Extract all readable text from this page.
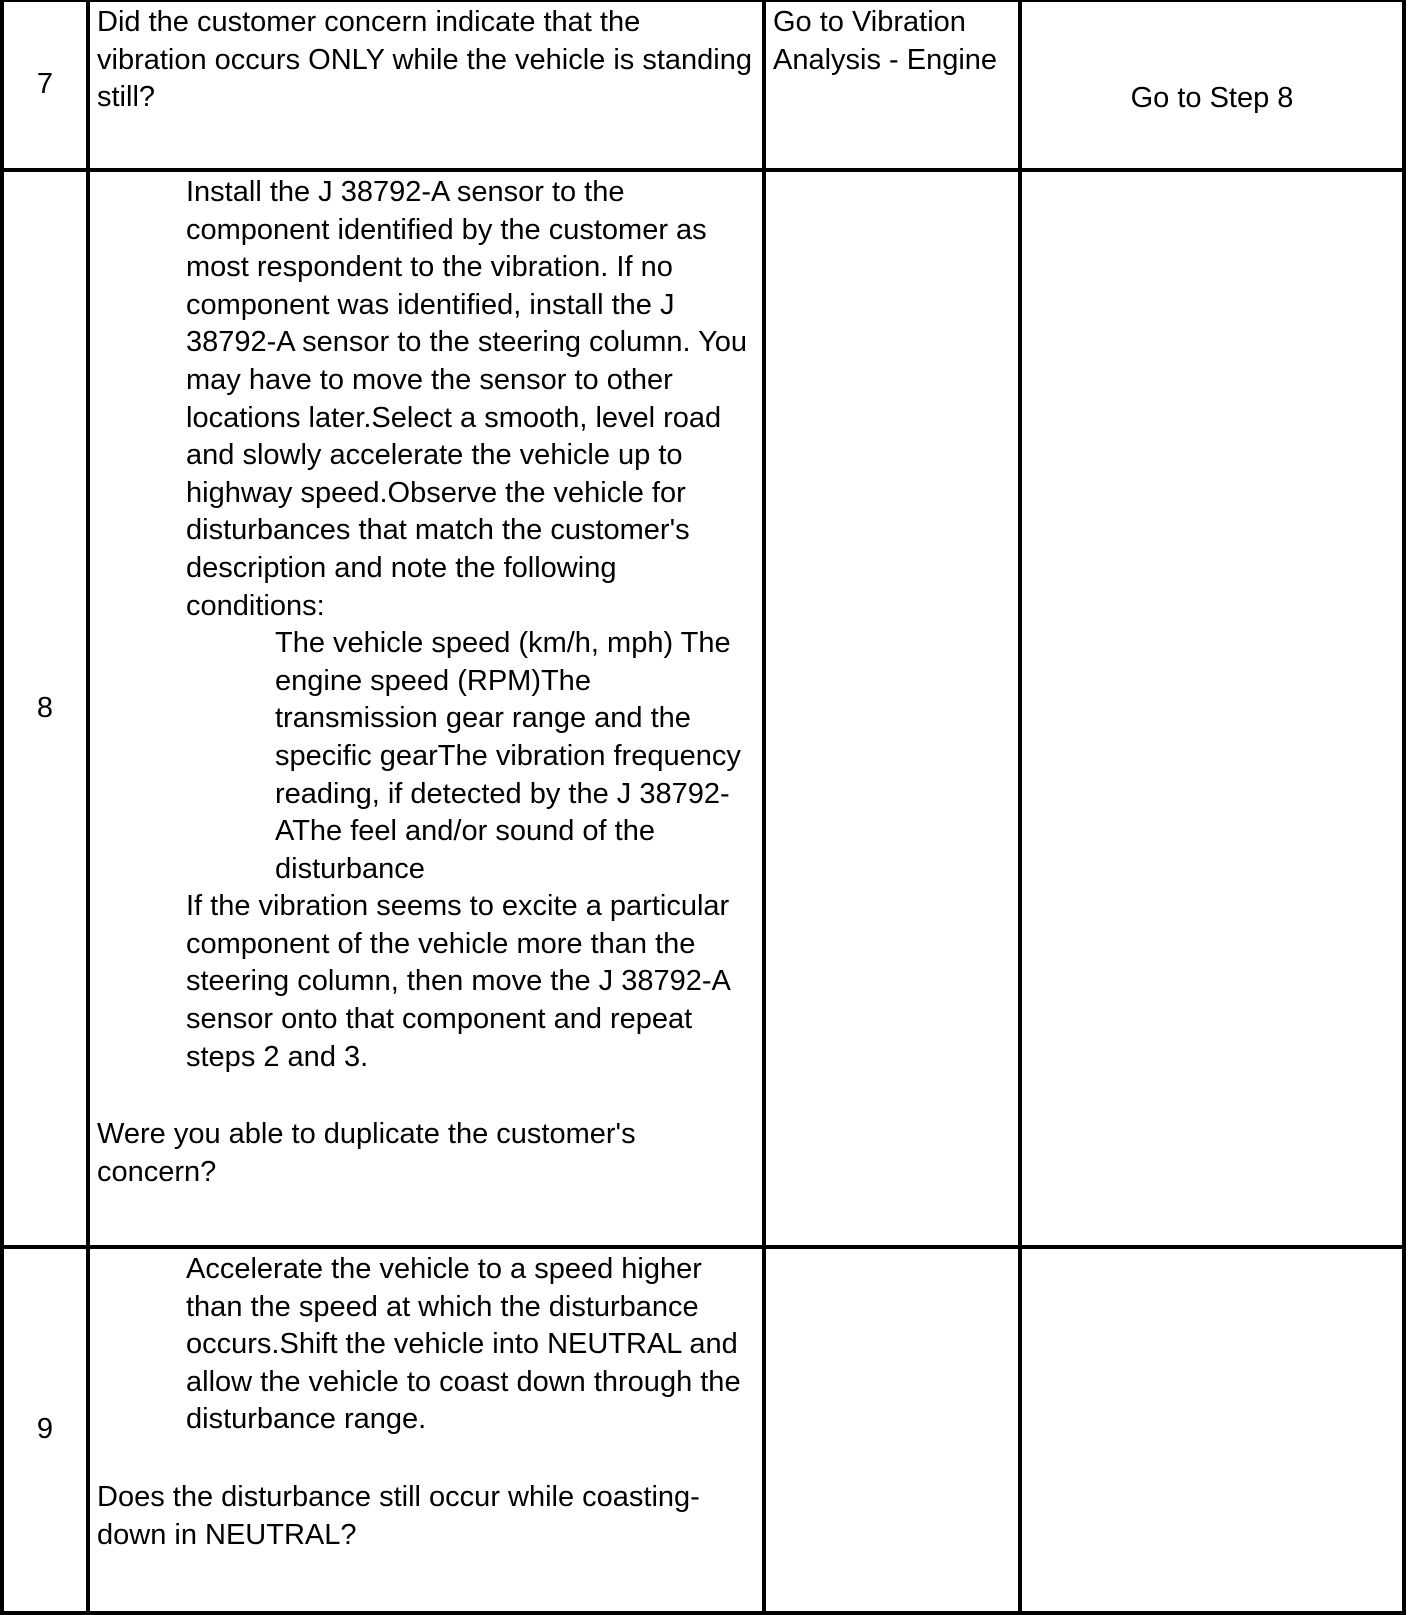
7	Did the customer concern indicate that the vibration occurs ONLY while the vehicle is standing still?	Go to Vibration Analysis - Engine	Go to Step 8

8	Install the J 38792-A sensor to the component identified by the customer as most respondent to the vibration. If no component was identified, install the J 38792-A sensor to the steering column. You may have to move the sensor to other locations later.Select a smooth, level road and slowly accelerate the vehicle up to highway speed.Observe the vehicle for disturbances that match the customer's description and note the following conditions:

The vehicle speed (km/h, mph) The engine speed (RPM)The transmission gear range and the specific gearThe vibration frequency reading, if detected by the J 38792-AThe feel and/or sound of the disturbance

If the vibration seems to excite a particular component of the vehicle more than the steering column, then move the J 38792-A sensor onto that component and repeat steps 2 and 3.

Were you able to duplicate the customer's concern?

9	Accelerate the vehicle to a speed higher than the speed at which the disturbance occurs.Shift the vehicle into NEUTRAL and allow the vehicle to coast down through the disturbance range.

Does the disturbance still occur while coasting-down in NEUTRAL?
